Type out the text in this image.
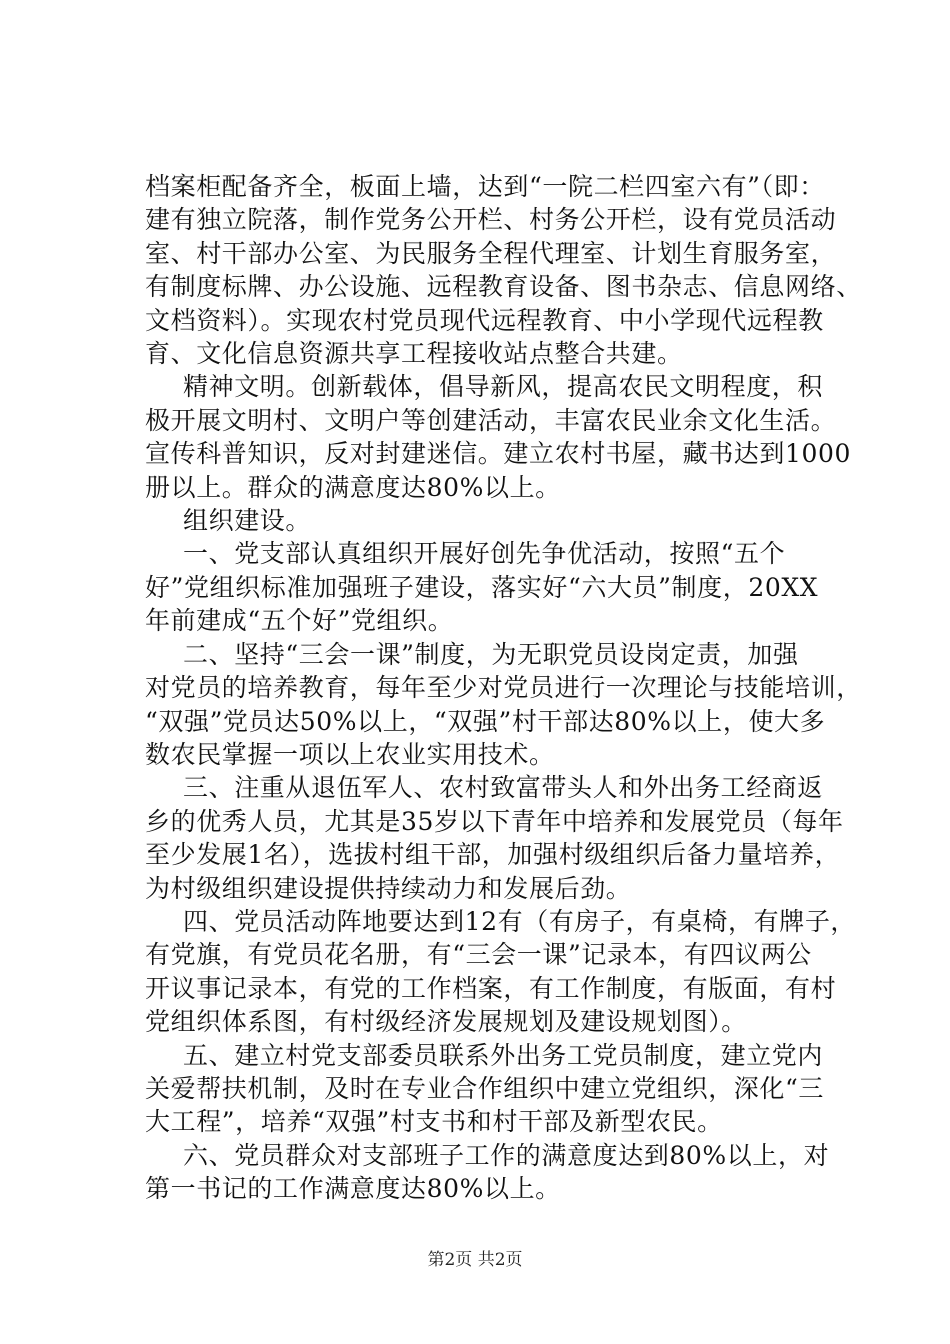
档案柜配备齐全，板面上墙，达到“一院二栏四室六有”（即：
建有独立院落，制作党务公开栏、村务公开栏，设有党员活动
室、村干部办公室、为民服务全程代理室、计划生育服务室，
有制度标牌、办公设施、远程教育设备、图书杂志、信息网络、
文档资料）。实现农村党员现代远程教育、中小学现代远程教
育、文化信息资源共享工程接收站点整合共建。
精神文明。创新载体，倡导新风，提高农民文明程度，积
极开展文明村、文明户等创建活动，丰富农民业余文化生活。
宣传科普知识，反对封建迷信。建立农村书屋，藏书达到1000
册以上。群众的满意度达80%以上。
组织建设。
一、党支部认真组织开展好创先争优活动，按照“五个
好”党组织标准加强班子建设，落实好“六大员”制度，20XX
年前建成“五个好”党组织。
二、坚持“三会一课”制度，为无职党员设岗定责，加强
对党员的培养教育，每年至少对党员进行一次理论与技能培训，
“双强”党员达50%以上，“双强”村干部达80%以上，使大多
数农民掌握一项以上农业实用技术。
三、注重从退伍军人、农村致富带头人和外出务工经商返
乡的优秀人员，尤其是35岁以下青年中培养和发展党员（每年
至少发展1名），选拔村组干部，加强村级组织后备力量培养，
为村级组织建设提供持续动力和发展后劲。
四、党员活动阵地要达到12有（有房子，有桌椅，有牌子，
有党旗，有党员花名册，有“三会一课”记录本，有四议两公
开议事记录本，有党的工作档案，有工作制度，有版面，有村
党组织体系图，有村级经济发展规划及建设规划图）。
五、建立村党支部委员联系外出务工党员制度，建立党内
关爱帮扶机制，及时在专业合作组织中建立党组织，深化“三
大工程”，培养“双强”村支书和村干部及新型农民。
六、党员群众对支部班子工作的满意度达到80%以上，对
第一书记的工作满意度达80%以上。
第2页 共2页
